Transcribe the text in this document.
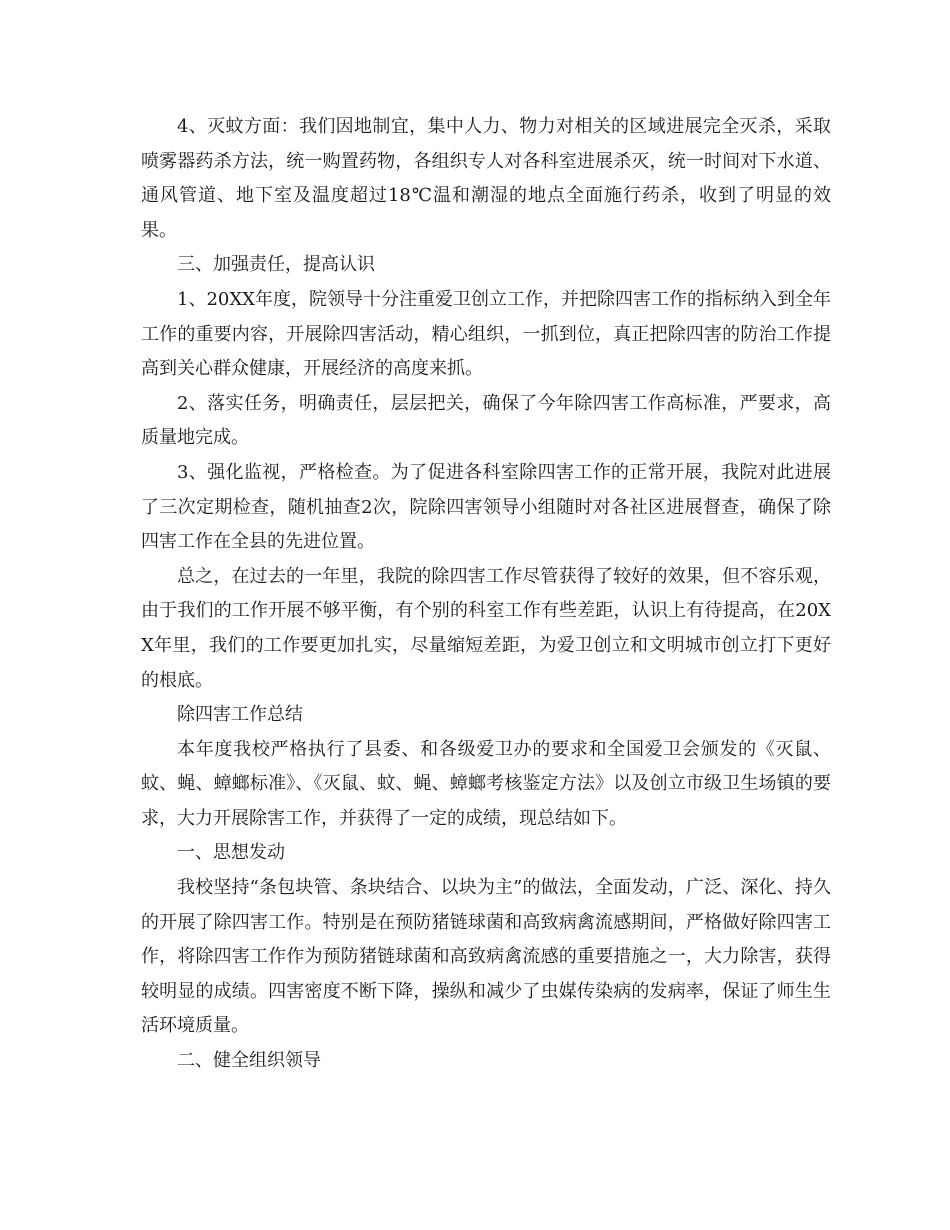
4、灭蚊方面：我们因地制宜，集中人力、物力对相关的区域进展完全灭杀，采取喷雾器药杀方法，统一购置药物，各组织专人对各科室进展杀灭，统一时间对下水道、通风管道、地下室及温度超过18℃温和潮湿的地点全面施行药杀，收到了明显的效果。

三、加强责任，提高认识

1、20XX年度，院领导十分注重爱卫创立工作，并把除四害工作的指标纳入到全年工作的重要内容，开展除四害活动，精心组织，一抓到位，真正把除四害的防治工作提高到关心群众健康，开展经济的高度来抓。

2、落实任务，明确责任，层层把关，确保了今年除四害工作高标准，严要求，高质量地完成。

3、强化监视，严格检查。为了促进各科室除四害工作的正常开展，我院对此进展了三次定期检查，随机抽查2次，院除四害领导小组随时对各社区进展督查，确保了除四害工作在全县的先进位置。

总之，在过去的一年里，我院的除四害工作尽管获得了较好的效果，但不容乐观，由于我们的工作开展不够平衡，有个别的科室工作有些差距，认识上有待提高，在20XX年里，我们的工作要更加扎实，尽量缩短差距，为爱卫创立和文明城市创立打下更好的根底。

除四害工作总结

本年度我校严格执行了县委、和各级爱卫办的要求和全国爱卫会颁发的《灭鼠、蚊、蝇、蟑螂标准》、《灭鼠、蚊、蝇、蟑螂考核鉴定方法》以及创立市级卫生场镇的要求，大力开展除害工作，并获得了一定的成绩，现总结如下。

一、思想发动

我校坚持“条包块管、条块结合、以块为主”的做法，全面发动，广泛、深化、持久的开展了除四害工作。特别是在预防猪链球菌和高致病禽流感期间，严格做好除四害工作，将除四害工作作为预防猪链球菌和高致病禽流感的重要措施之一，大力除害，获得较明显的成绩。四害密度不断下降，操纵和减少了虫媒传染病的发病率，保证了师生生活环境质量。

二、健全组织领导
